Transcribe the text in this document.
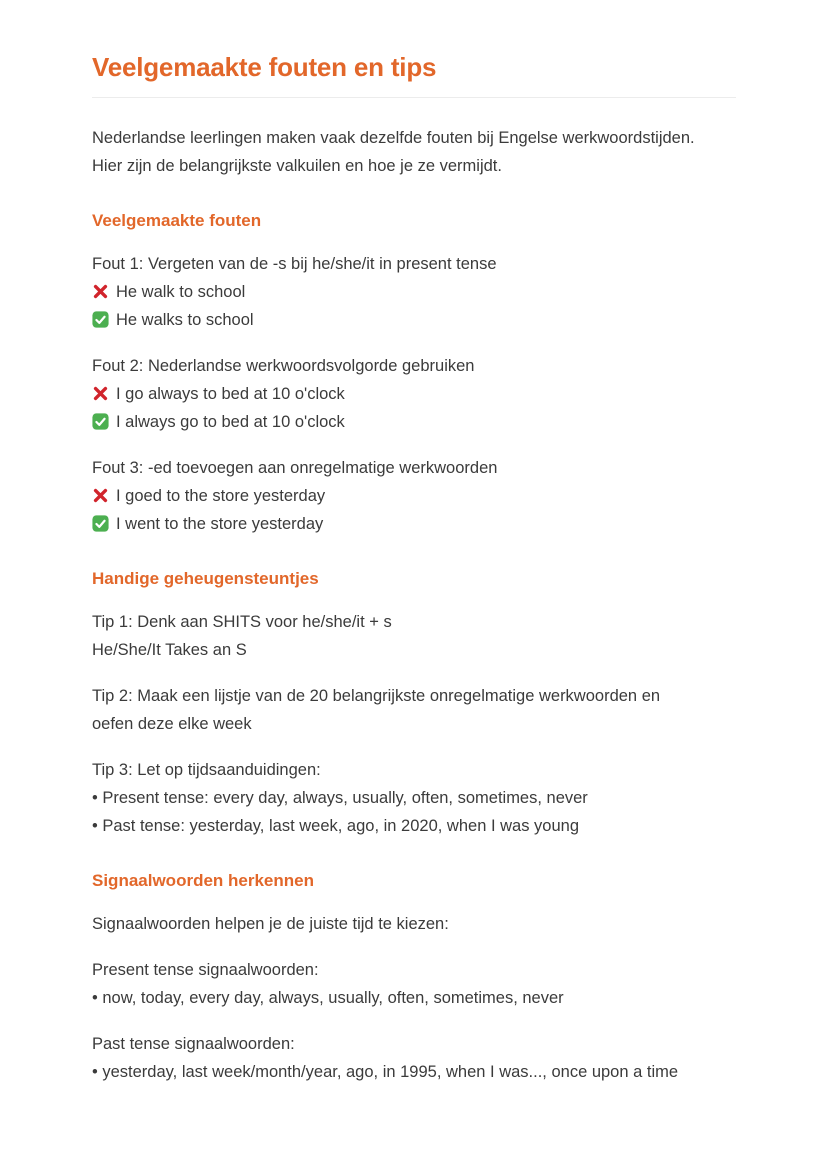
Veelgemaakte fouten en tips
Nederlandse leerlingen maken vaak dezelfde fouten bij Engelse werkwoordstijden.
Hier zijn de belangrijkste valkuilen en hoe je ze vermijdt.
Veelgemaakte fouten
Fout 1: Vergeten van de -s bij he/she/it in present tense
He walk to school
He walks to school
Fout 2: Nederlandse werkwoordsvolgorde gebruiken
I go always to bed at 10 o'clock
I always go to bed at 10 o'clock
Fout 3: -ed toevoegen aan onregelmatige werkwoorden
I goed to the store yesterday
I went to the store yesterday
Handige geheugensteuntjes
Tip 1: Denk aan SHITS voor he/she/it + s
He/She/It Takes an S
Tip 2: Maak een lijstje van de 20 belangrijkste onregelmatige werkwoorden en
oefen deze elke week
Tip 3: Let op tijdsaanduidingen:
• Present tense: every day, always, usually, often, sometimes, never
• Past tense: yesterday, last week, ago, in 2020, when I was young
Signaalwoorden herkennen
Signaalwoorden helpen je de juiste tijd te kiezen:
Present tense signaalwoorden:
• now, today, every day, always, usually, often, sometimes, never
Past tense signaalwoorden:
• yesterday, last week/month/year, ago, in 1995, when I was..., once upon a time
